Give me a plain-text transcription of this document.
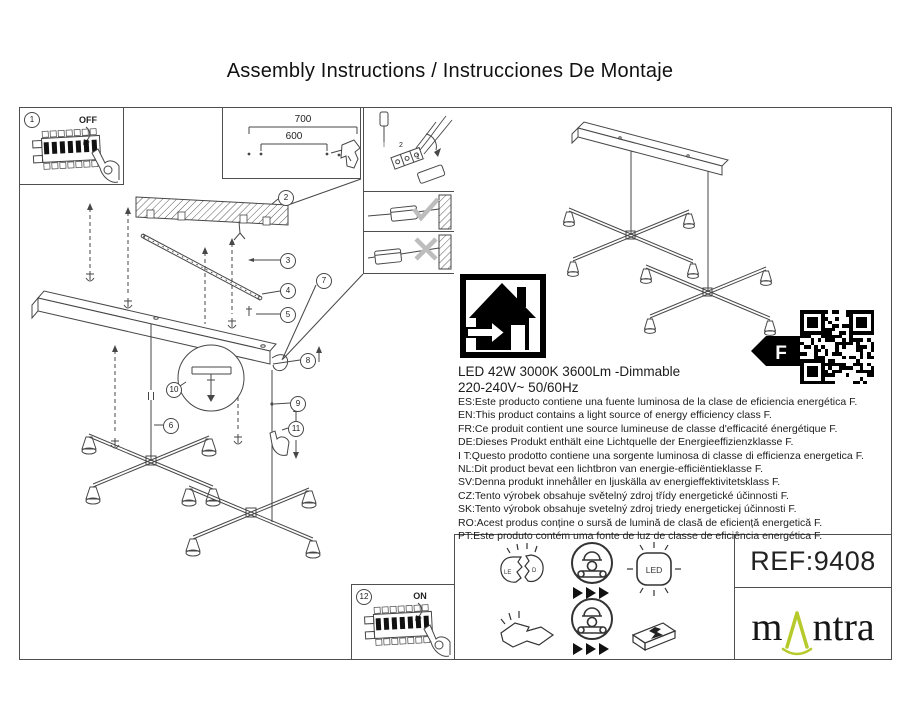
Assembly Instructions / Instrucciones De Montaje
1	OFF	700
600
2
1
12	ON
F
LED 42W 3000K 3600Lm -Dimmable
220-240V~ 50/60Hz
ES:Este producto contiene una fuente luminosa de la clase de eficiencia energética F.
EN:This product contains a light source of energy efficiency class F.
FR:Ce produit contient une source lumineuse de classe d'efficacité énergétique F.
DE:Dieses Produkt enthält eine Lichtquelle der Energieeffizienzklasse F.
I T:Questo prodotto contiene una sorgente luminosa di classe di efficienza energetica F.
NL:Dit product bevat een lichtbron van energie-efficiëntieklasse F.
SV:Denna produkt innehåller en ljuskälla av energieffektivitetsklass F.
CZ:Tento výrobek obsahuje světelný zdroj třídy energetické účinnosti F.
SK:Tento výrobok obsahuje svetelný zdroj triedy energetickej účinnosti F.
RO:Acest produs conține o sursă de lumină de clasă de eficiență energetică F.
PT:Este produto contém uma fonte de luz de classe de eficiência energética F.
LE	D	LED	REF:9408
m ntra
2
3
4
5
6
7
8
9
10
11
